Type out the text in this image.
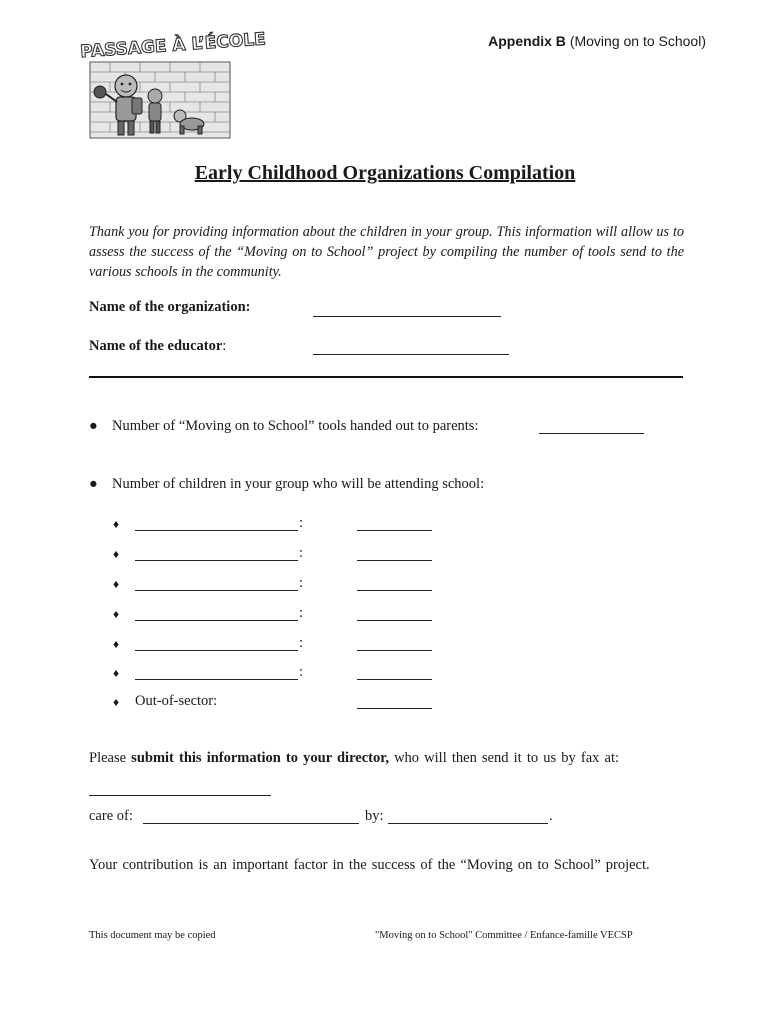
Appendix B (Moving on to School)
PASSAGE À L’ÉCOLE
Early Childhood Organizations Compilation
Thank you for providing information about the children in your group. This information will allow us to assess the success of the “Moving on to School” project by compiling the number of tools send to the various schools in the community.
Name of the organization:
Name of the educator:
● Number of “Moving on to School” tools handed out to parents:
● Number of children in your group who will be attending school:
♦	:
♦	:
♦	:
♦	:
♦	:
♦	:
♦ Out-of-sector:
Please submit this information to your director, who will then send it to us by fax at:
care of:	by:	.
Your contribution is an important factor in the success of the “Moving on to School” project.
This document may be copied	"Moving on to School" Committee / Enfance-famille VECSP
